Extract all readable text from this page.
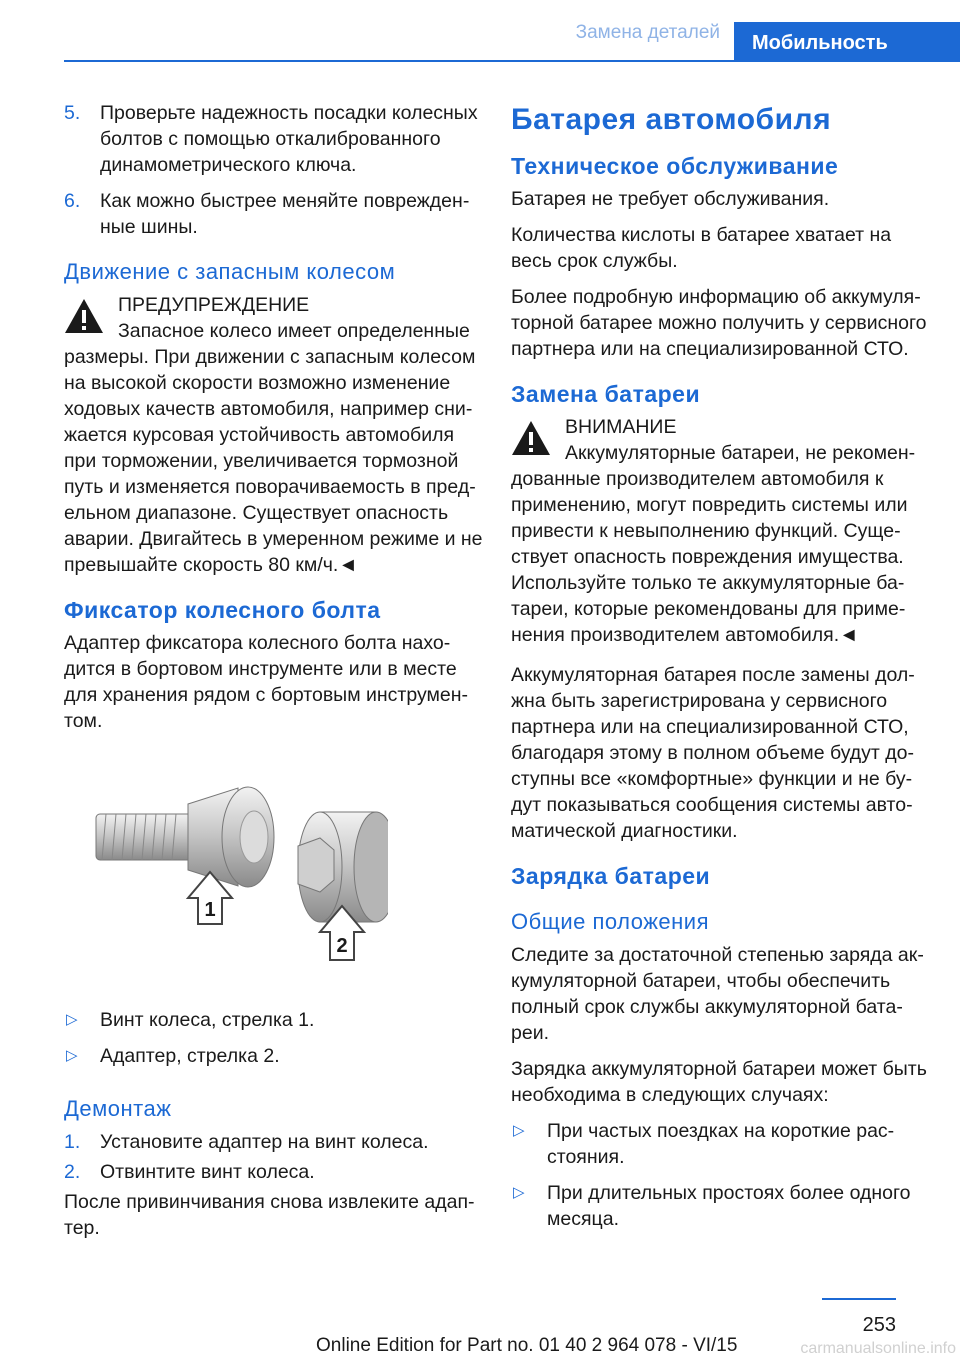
Замена деталей	Мобильность
5. Проверьте надежность посадки колесных болтов с помощью откалиброванного динамометрического ключа.
6. Как можно быстрее меняйте поврежденные шины.
Движение с запасным колесом
ПРЕДУПРЕЖДЕНИЕ
Запасное колесо имеет определенные размеры. При движении с запасным колесом на высокой скорости возможно изменение ходовых качеств автомобиля, например снижается курсовая устойчивость автомобиля при торможении, увеличивается тормозной путь и изменяется поворачиваемость в предельном диапазоне. Существует опасность аварии. Двигайтесь в умеренном режиме и не превышайте скорость 80 км/ч.◄
Фиксатор колесного болта

Адаптер фиксатора колесного болта находится в бортовом инструменте или в месте для хранения рядом с бортовым инструментом.

1
2
▷ Винт колеса, стрелка 1.
▷ Адаптер, стрелка 2.
Демонтаж
1. Установите адаптер на винт колеса.
2. Отвинтите винт колеса.

После привинчивания снова извлеките адаптер.

Батарея автомобиля
Техническое обслуживание

Батарея не требует обслуживания.

Количества кислоты в батарее хватает на весь срок службы.

Более подробную информацию об аккумуляторной батарее можно получить у сервисного партнера или на специализированной СТО.

Замена батареи
ВНИМАНИЕ
Аккумуляторные батареи, не рекомендованные производителем автомобиля к применению, могут повредить системы или привести к невыполнению функций. Существует опасность повреждения имущества. Используйте только те аккумуляторные батареи, которые рекомендованы для применения производителем автомобиля.◄

Аккумуляторная батарея после замены должна быть зарегистрирована у сервисного партнера или на специализированной СТО, благодаря этому в полном объеме будут доступны все «комфортные» функции и не будут показываться сообщения системы автоматической диагностики.

Зарядка батареи
Общие положения

Следите за достаточной степенью заряда аккумуляторной батареи, чтобы обеспечить полный срок службы аккумуляторной батареи.

Зарядка аккумуляторной батареи может быть необходима в следующих случаях:

▷ При частых поездках на короткие расстояния.
▷ При длительных простоях более одного месяца.
253
Online Edition for Part no. 01 40 2 964 078 - VI/15	carmanualsonline.info
